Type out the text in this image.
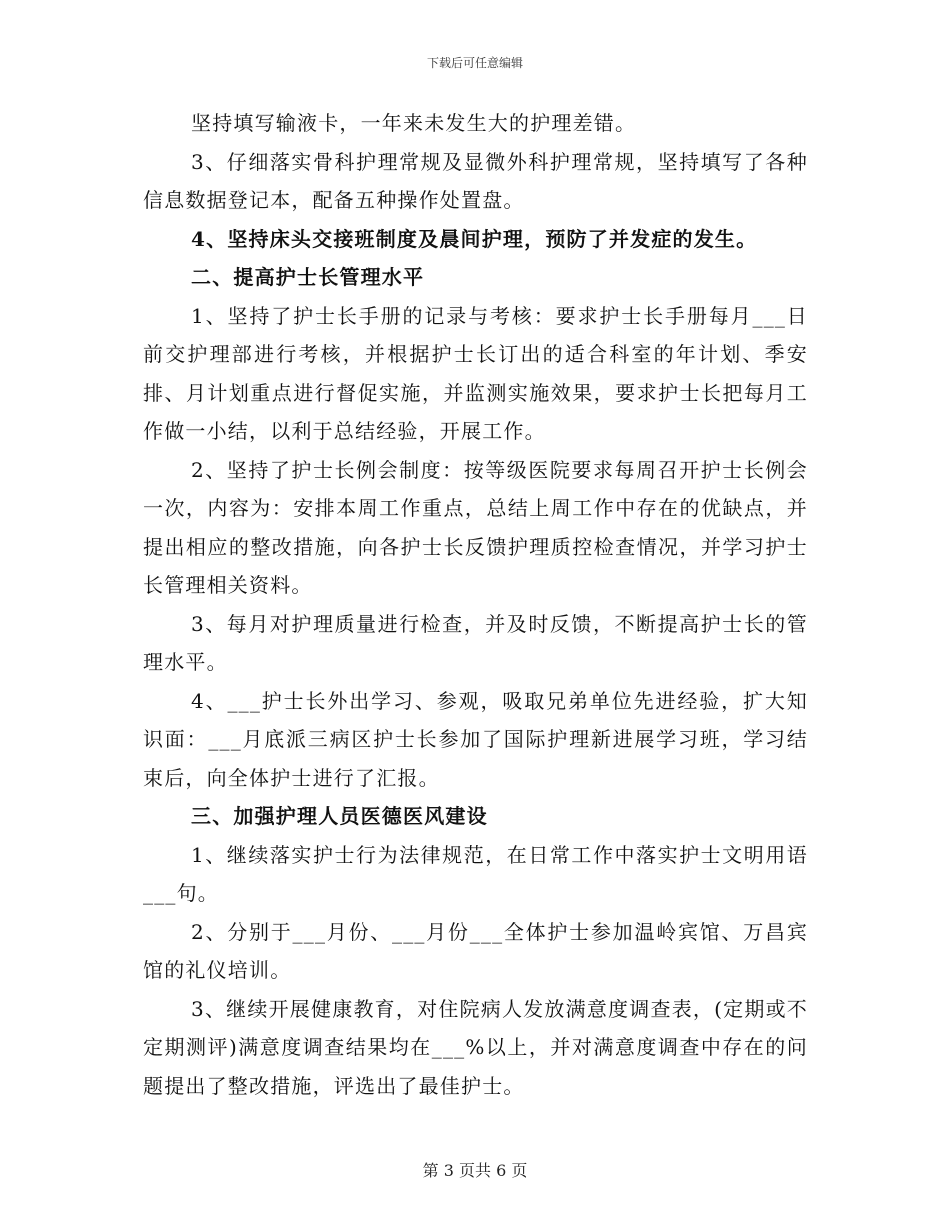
下载后可任意编辑

坚持填写输液卡，一年来未发生大的护理差错。

3、仔细落实骨科护理常规及显微外科护理常规，坚持填写了各种信息数据登记本，配备五种操作处置盘。

4、坚持床头交接班制度及晨间护理，预防了并发症的发生。

二、提高护士长管理水平

1、坚持了护士长手册的记录与考核：要求护士长手册每月___日前交护理部进行考核，并根据护士长订出的适合科室的年计划、季安排、月计划重点进行督促实施，并监测实施效果，要求护士长把每月工作做一小结，以利于总结经验，开展工作。

2、坚持了护士长例会制度：按等级医院要求每周召开护士长例会一次，内容为：安排本周工作重点，总结上周工作中存在的优缺点，并提出相应的整改措施，向各护士长反馈护理质控检查情况，并学习护士长管理相关资料。

3、每月对护理质量进行检查，并及时反馈，不断提高护士长的管理水平。

4、___护士长外出学习、参观，吸取兄弟单位先进经验，扩大知识面：___月底派三病区护士长参加了国际护理新进展学习班，学习结束后，向全体护士进行了汇报。

三、加强护理人员医德医风建设

1、继续落实护士行为法律规范，在日常工作中落实护士文明用语___句。

2、分别于___月份、___月份___全体护士参加温岭宾馆、万昌宾馆的礼仪培训。

3、继续开展健康教育，对住院病人发放满意度调查表，(定期或不定期测评)满意度调查结果均在___%以上，并对满意度调查中存在的问题提出了整改措施，评选出了最佳护士。

第 3 页共 6 页
